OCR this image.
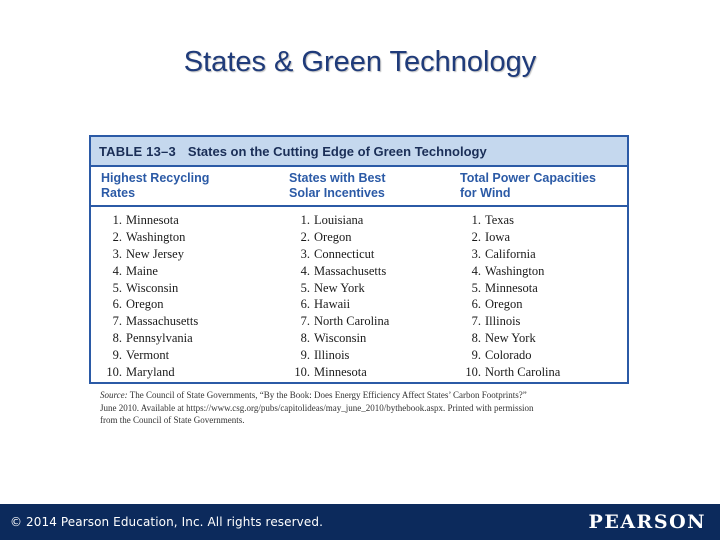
States & Green Technology
TABLE 13–3 States on the Cutting Edge of Green Technology
Highest Recycling
Rates
States with Best
Solar Incentives
Total Power Capacities
for Wind
1. Minnesota
2. Washington
3. New Jersey
4. Maine
5. Wisconsin
6. Oregon
7. Massachusetts
8. Pennsylvania
9. Vermont
10. Maryland
1. Louisiana
2. Oregon
3. Connecticut
4. Massachusetts
5. New York
6. Hawaii
7. North Carolina
8. Wisconsin
9. Illinois
10. Minnesota
1. Texas
2. Iowa
3. California
4. Washington
5. Minnesota
6. Oregon
7. Illinois
8. New York
9. Colorado
10. North Carolina
Source: The Council of State Governments, “By the Book: Does Energy Efficiency Affect States’ Carbon Footprints?”
June 2010. Available at https://www.csg.org/pubs/capitolideas/may_june_2010/bythebook.aspx. Printed with permission
from the Council of State Governments.
© 2014 Pearson Education, Inc. All rights reserved.	PEARSON
